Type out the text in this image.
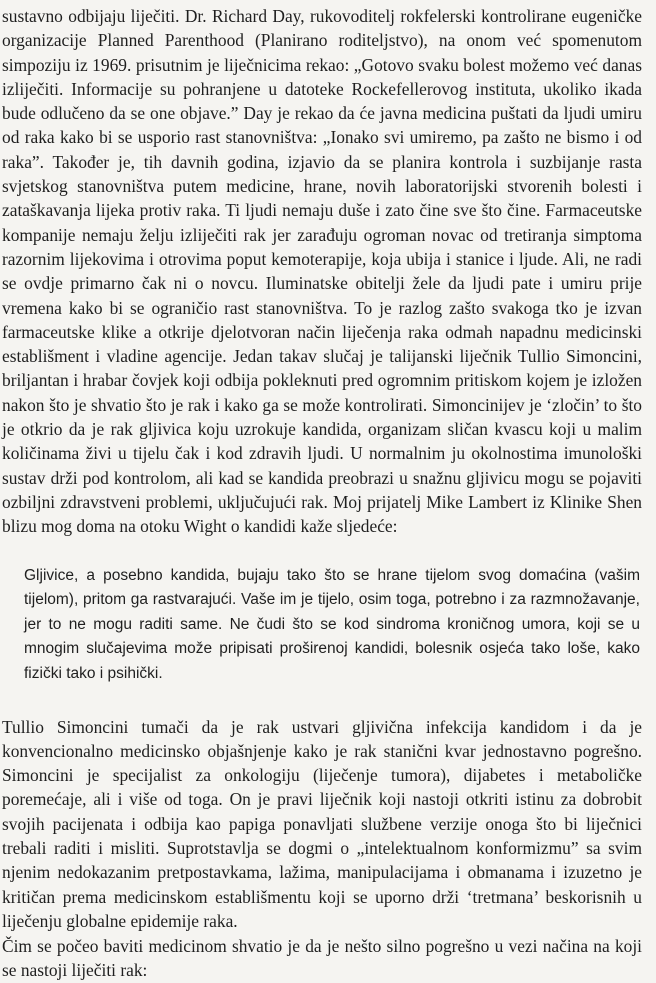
sustavno odbijaju liječiti. Dr. Richard Day, rukovoditelj rokfelerski kontrolirane eugeničke organizacije Planned Parenthood (Planirano roditeljstvo), na onom već spomenutom simpoziju iz 1969. prisutnim je liječnicima rekao: „Gotovo svaku bolest možemo već danas izliječiti. Informacije su pohranjene u datoteke Rockefellerovog instituta, ukoliko ikada bude odlučeno da se one objave.” Day je rekao da će javna medicina puštati da ljudi umiru od raka kako bi se usporio rast stanovništva: „Ionako svi umiremo, pa zašto ne bismo i od raka”. Također je, tih davnih godina, izjavio da se planira kontrola i suzbijanje rasta svjetskog stanovništva putem medicine, hrane, novih laboratorijski stvorenih bolesti i zataškavanja lijeka protiv raka. Ti ljudi nemaju duše i zato čine sve što čine. Farmaceutske kompanije nemaju želju izliječiti rak jer zarađuju ogroman novac od tretiranja simptoma razornim lijekovima i otrovima poput kemoterapije, koja ubija i stanice i ljude. Ali, ne radi se ovdje primarno čak ni o novcu. Iluminatske obitelji žele da ljudi pate i umiru prije vremena kako bi se ograničio rast stanovništva. To je razlog zašto svakoga tko je izvan farmaceutske klike a otkrije djelotvoran način liječenja raka odmah napadnu medicinski establišment i vladine agencije. Jedan takav slučaj je talijanski liječnik Tullio Simoncini, briljantan i hrabar čovjek koji odbija pokleknuti pred ogromnim pritiskom kojem je izložen nakon što je shvatio što je rak i kako ga se može kontrolirati. Simoncinijev je ‘zločin’ to što je otkrio da je rak gljivica koju uzrokuje kandida, organizam sličan kvascu koji u malim količinama živi u tijelu čak i kod zdravih ljudi. U normalnim ju okolnostima imunološki sustav drži pod kontrolom, ali kad se kandida preobrazi u snažnu gljivicu mogu se pojaviti ozbiljni zdravstveni problemi, uključujući rak. Moj prijatelj Mike Lambert iz Klinike Shen blizu mog doma na otoku Wight o kandidi kaže sljedeće:

Gljivice, a posebno kandida, bujaju tako što se hrane tijelom svog domaćina (vašim tijelom), pritom ga rastvarajući. Vaše im je tijelo, osim toga, potrebno i za razmnožavanje, jer to ne mogu raditi same. Ne čudi što se kod sindroma kroničnog umora, koji se u mnogim slučajevima može pripisati proširenoj kandidi, bolesnik osjeća tako loše, kako fizički tako i psihički.

Tullio Simoncini tumači da je rak ustvari gljivična infekcija kandidom i da je konvencionalno medicinsko objašnjenje kako je rak stanični kvar jednostavno pogrešno. Simoncini je specijalist za onkologiju (liječenje tumora), dijabetes i metaboličke poremećaje, ali i više od toga. On je pravi liječnik koji nastoji otkriti istinu za dobrobit svojih pacijenata i odbija kao papiga ponavljati službene verzije onoga što bi liječnici trebali raditi i misliti. Suprotstavlja se dogmi o „intelektualnom konformizmu” sa svim njenim nedokazanim pretpostavkama, lažima, manipulacijama i obmanama i izuzetno je kritičan prema medicinskom establišmentu koji se uporno drži ‘tretmana’ beskorisnih u liječenju globalne epidemije raka.

Čim se počeo baviti medicinom shvatio je da je nešto silno pogrešno u vezi načina na koji se nastoji liječiti rak:
